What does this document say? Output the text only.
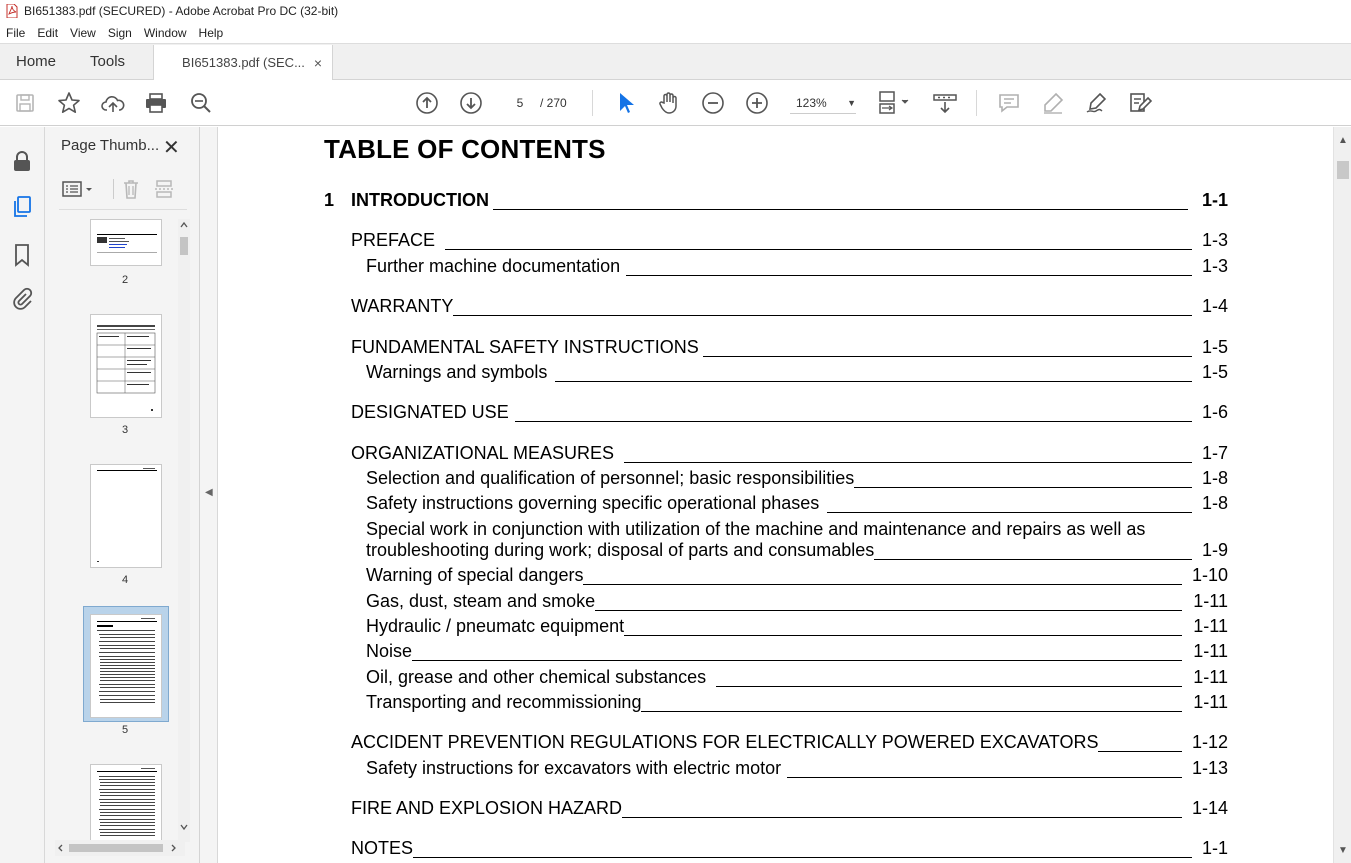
BI651383.pdf (SECURED) - Adobe Acrobat Pro DC (32-bit)
File Edit View Sign Window Help
Home	Tools	BI651383.pdf (SEC... ×
5	/ 270	123% ▼
Page Thumb... ✕
2
3
4
5
◀
TABLE OF CONTENTS
1 INTRODUCTION	1-1
PREFACE	1-3
Further machine documentation	1-3
WARRANTY	1-4
FUNDAMENTAL SAFETY INSTRUCTIONS	1-5
Warnings and symbols	1-5
DESIGNATED USE	1-6
ORGANIZATIONAL MEASURES	1-7
Selection and qualification of personnel; basic responsibilities	1-8
Safety instructions governing specific operational phases	1-8
Special work in conjunction with utilization of the machine and maintenance and repairs as well as
troubleshooting during work; disposal of parts and consumables	1-9
Warning of special dangers	1-10
Gas, dust, steam and smoke	1-11
Hydraulic / pneumatc equipment	1-11
Noise	1-11
Oil, grease and other chemical substances	1-11
Transporting and recommissioning	1-11
ACCIDENT PREVENTION REGULATIONS FOR ELECTRICALLY POWERED EXCAVATORS	1-12
Safety instructions for excavators with electric motor	1-13
FIRE AND EXPLOSION HAZARD	1-14
NOTES	1-1
▲
▼
